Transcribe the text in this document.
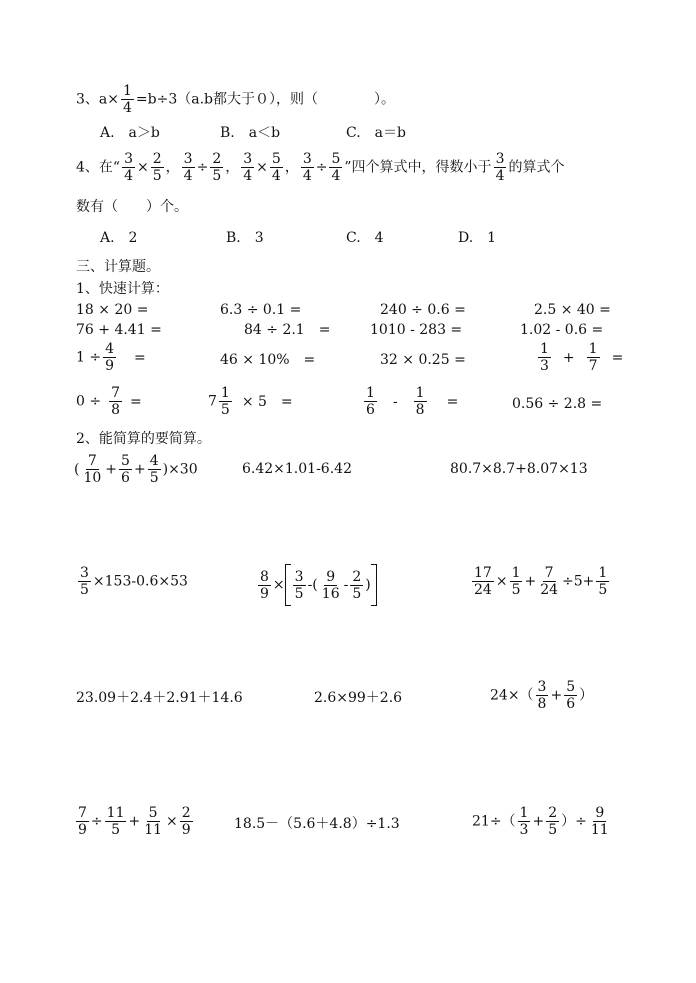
3、$a\times \frac{1}{4} =b\div 3(a.b$都大于０），则（　　　　）。
A.　a＞b	B.　a＜b	C.　a＝b
4、在“ $\frac{3}{4} \times \frac{2}{5}$ ， $\frac{3}{4} \div \frac{2}{5}$ ， $\frac{3}{4} \times \frac{5}{4}$ ， $\frac{3}{4} \div \frac{5}{4}$ ”四个算式中，得数小于 $\frac{3}{4}$ 的算式个
数有（　　）个。
A.　2	B.　3	C.　4	D.　1
三、计算题。
1、快速计算：
18 × 20 =	6.3 ÷ 0.1 =	240 ÷ 0.6 =	2.5 × 40 =
76 + 4.41 =	84 ÷ 2.1　=	1010 - 283 =	1.02 - 0.6 =
$1 \div \frac{4}{9}$ =	46 × 10%　=	32 × 0.25 =	$\frac{1}{3} + \frac{1}{7}$ =
$0 \div \frac{7}{8}$ =	$7 \frac{1}{5} \times 5$　=	$\frac{1}{6} - \frac{1}{8}$ =	0.56 ÷ 2.8 =
2、能简算的要简算。
( $\frac{7}{10} + \frac{5}{6} + \frac{4}{5} )\times 30$	6.42×1.01-6.42	80.7×8.7+8.07×13
$\frac{3}{5} \times 153-0.6\times 53$	$\frac{8}{9} \times \frac{3}{5}$ -( $\frac{9}{16} - \frac{2}{5}$ )	$\frac{17}{24} \times \frac{1}{5} + \frac{7}{24} \div 5+ \frac{1}{5}$
23.09＋2.4＋2.91＋14.6	2.6×99＋2.6	$24\times( \frac{3}{8} + \frac{5}{6}$ ）
$\frac{7}{9} \div \frac{11}{5} + \frac{5}{11} \times \frac{2}{9}$	18.5－（5.6＋4.8）÷1.3	$21\div( \frac{1}{3} + \frac{2}{5}$ ）÷ $\frac{9}{11}$
